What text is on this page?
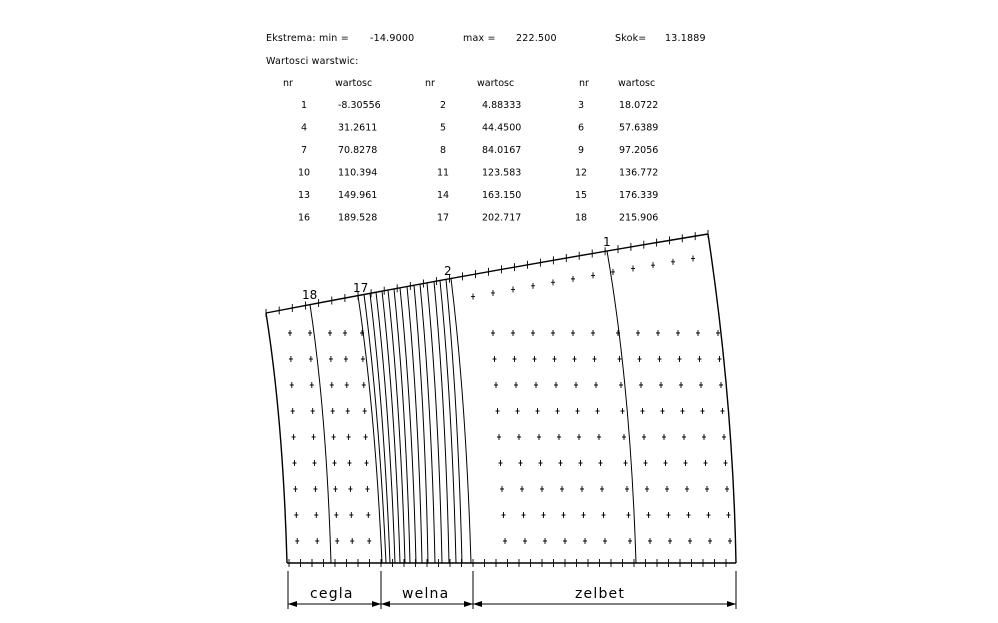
Ekstrema: min = -14.9000	max = 222.500	Skok= 13.1889
Wartosci warstwic:
nr	wartosc	nr	wartosc	nr	wartosc
1	-8.30556	2	4.88333	3	18.0722
4	31.2611	5	44.4500	6	57.6389
7	70.8278	8	84.0167	9	97.2056
10	110.394	11	123.583	12	136.772
13	149.961	14	163.150	15	176.339
16	189.528	17	202.717	18	215.906
18	17
2
1
cegla	welna	zelbet
